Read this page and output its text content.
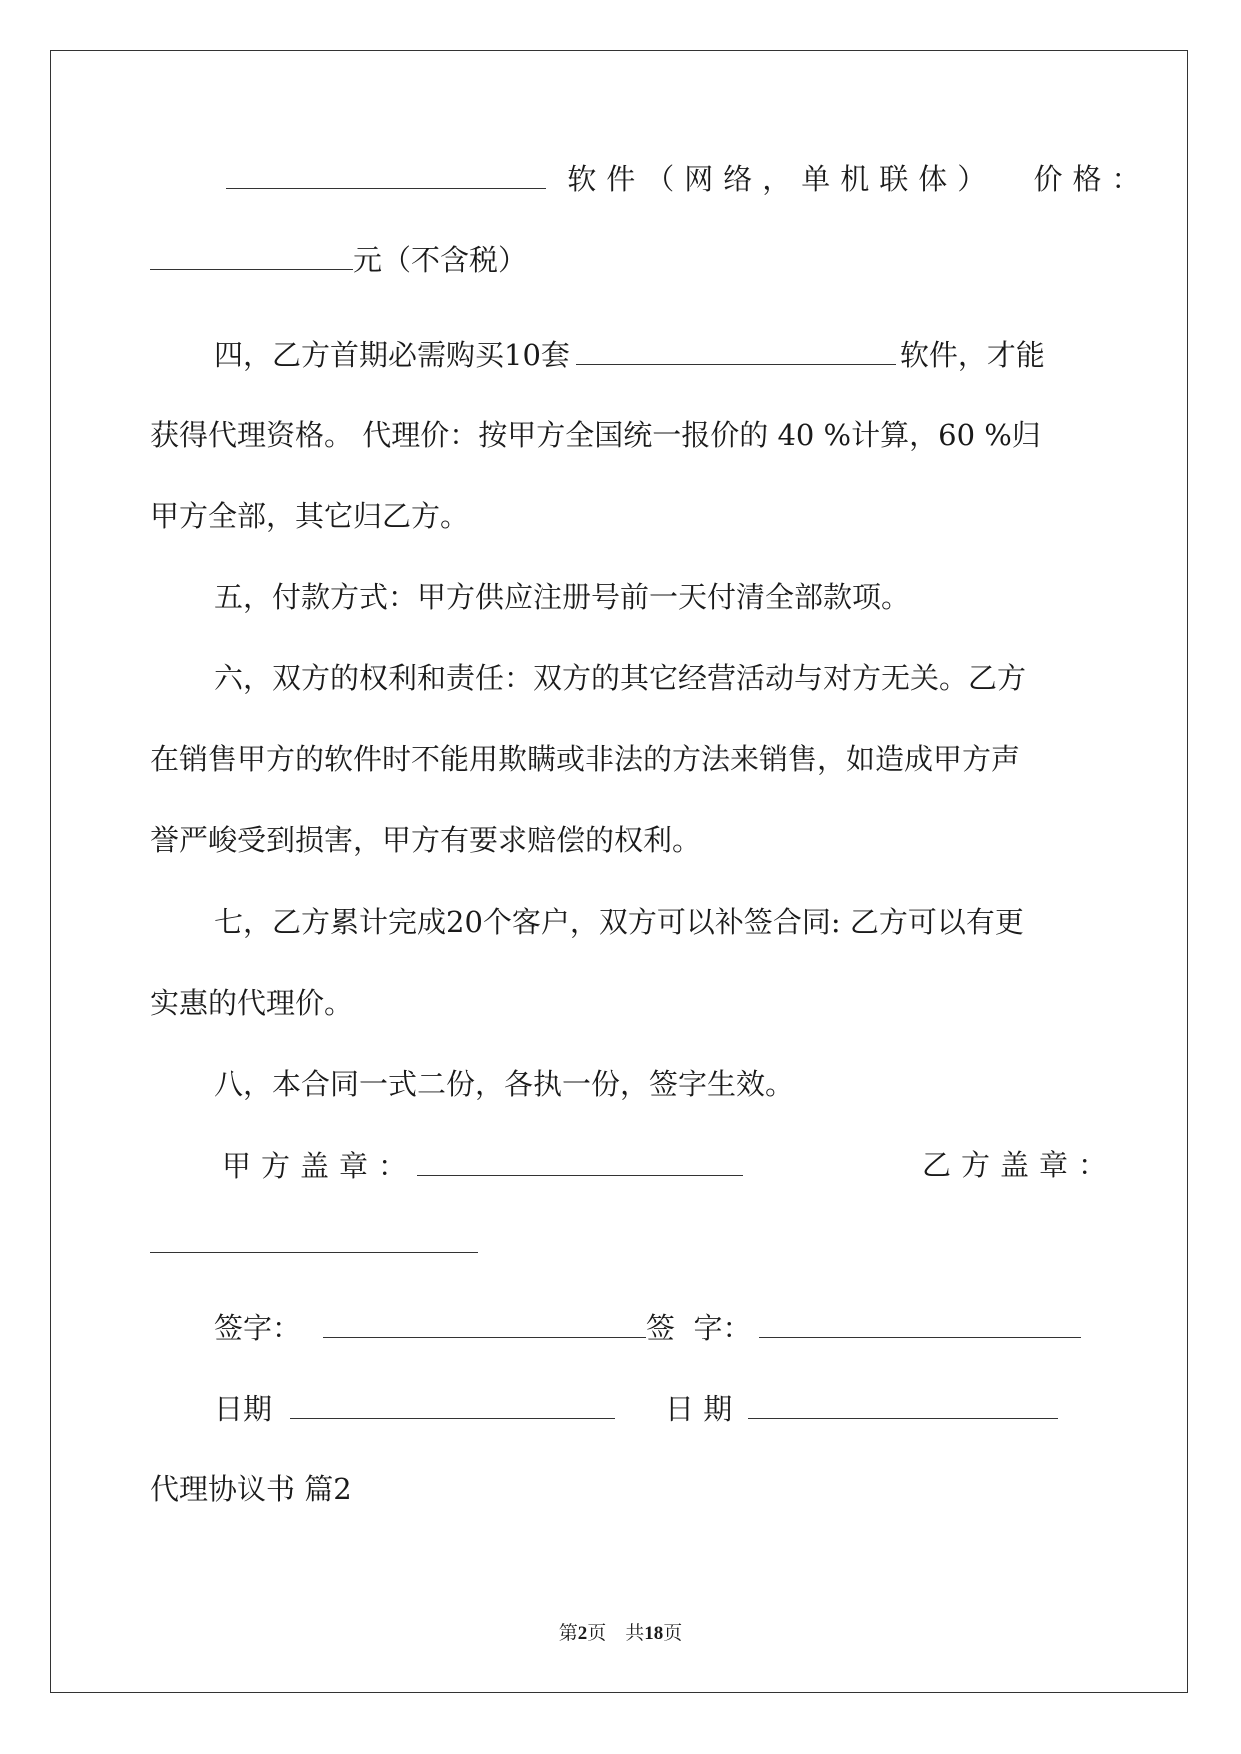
软件（网络，单机联体） 价格：
元（不含税）
四，乙方首期必需购买10套	软件，才能
获得代理资格。 代理价：按甲方全国统一报价的 40 %计算，60 %归
甲方全部，其它归乙方。
五，付款方式：甲方供应注册号前一天付清全部款项。
六，双方的权利和责任：双方的其它经营活动与对方无关。乙方
在销售甲方的软件时不能用欺瞒或非法的方法来销售，如造成甲方声
誉严峻受到损害，甲方有要求赔偿的权利。
七，乙方累计完成20个客户，双方可以补签合同: 乙方可以有更
实惠的代理价。
八，本合同一式二份，各执一份，签字生效。
甲方盖章：	乙方盖章：
签字：	签  字：
日期	日 期
代理协议书 篇2
第2页    共18页
